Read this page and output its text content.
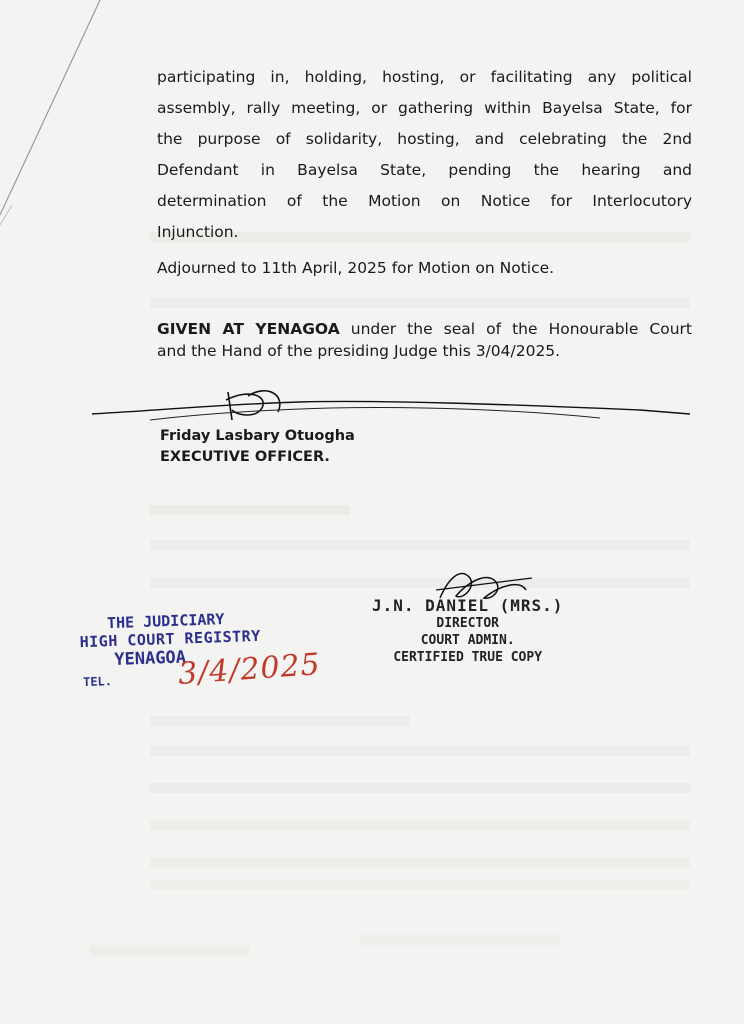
participating in, holding, hosting, or facilitating any political
assembly, rally meeting, or gathering within Bayelsa State, for
the purpose of solidarity, hosting, and celebrating the 2nd
Defendant in Bayelsa State, pending the hearing and
determination of the Motion on Notice for Interlocutory
Injunction.
Adjourned to 11th April, 2025 for Motion on Notice.
GIVEN AT YENAGOA under the seal of the Honourable Court
and the Hand of the presiding Judge this 3/04/2025.
Friday Lasbary Otuogha
EXECUTIVE OFFICER.
J.N. DANIEL (MRS.)
DIRECTOR
COURT ADMIN.
CERTIFIED TRUE COPY
THE JUDICIARY
HIGH COURT REGISTRY
YENAGOA
TEL.	3/4/2025
